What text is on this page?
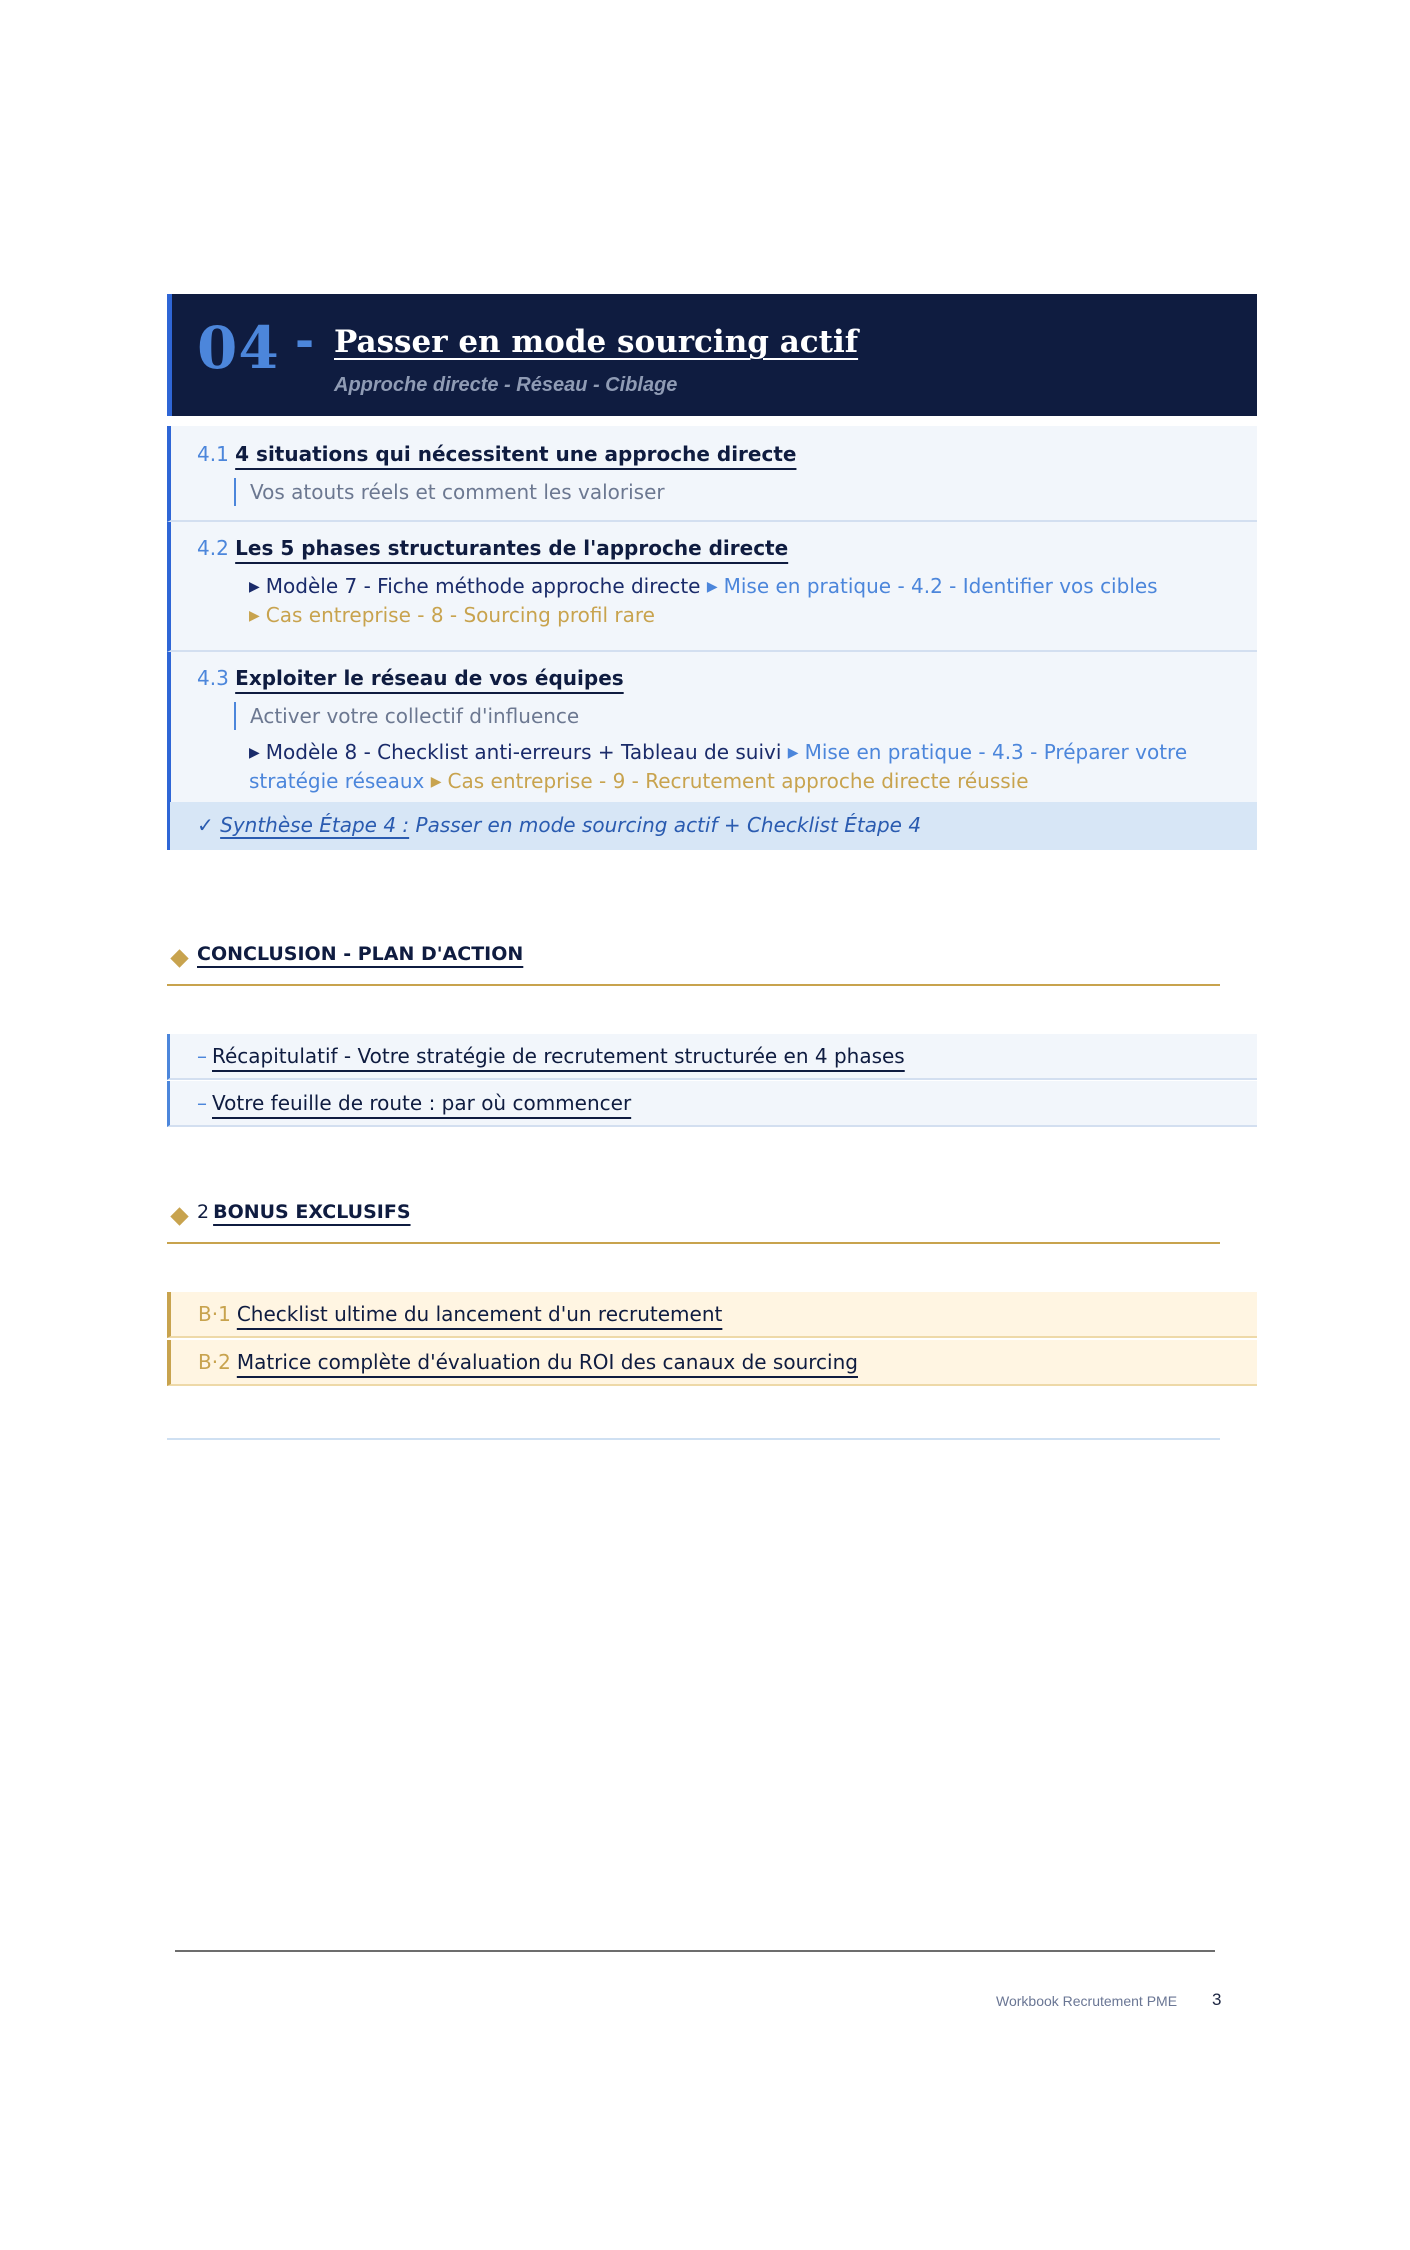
04 - Passer en mode sourcing actif
Approche directe - Réseau - Ciblage
4.1 4 situations qui nécessitent une approche directe
Vos atouts réels et comment les valoriser
4.2 Les 5 phases structurantes de l'approche directe
▶ Modèle 7 - Fiche méthode approche directe ▶ Mise en pratique - 4.2 - Identifier vos cibles    ▶ Cas entreprise - 8 - Sourcing profil rare
4.3 Exploiter le réseau de vos équipes
Activer votre collectif d'influence
▶ Modèle 8 - Checklist anti-erreurs + Tableau de suivi ▶ Mise en pratique - 4.3 - Préparer votre stratégie réseaux ▶ Cas entreprise - 9 - Recrutement approche directe réussie
✓ Synthèse Étape 4 : Passer en mode sourcing actif + Checklist Étape 4
CONCLUSION - PLAN D'ACTION
– Récapitulatif - Votre stratégie de recrutement structurée en 4 phases
– Votre feuille de route : par où commencer
2 BONUS EXCLUSIFS
B·1 Checklist ultime du lancement d'un recrutement
B·2 Matrice complète d'évaluation du ROI des canaux de sourcing
Workbook Recrutement PME 3
